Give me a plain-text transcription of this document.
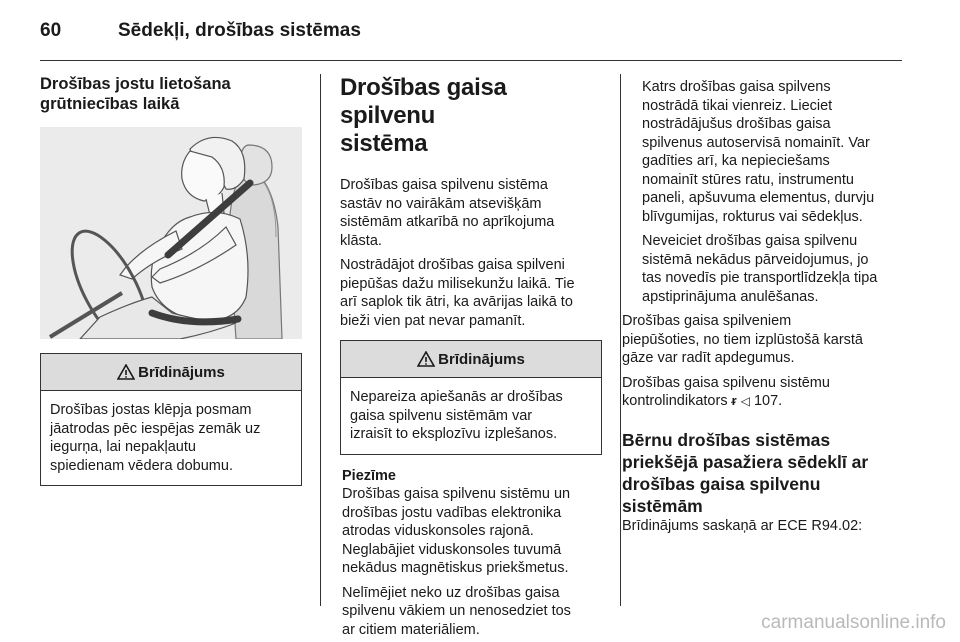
60	Sēdekļi, drošības sistēmas
Drošības jostu lietošana
grūtniecības laikā
Brīdinājums

Drošības jostas klēpja posmam

jāatrodas pēc iespējas zemāk uz

iegurņa, lai nepakļautu

spiedienam vēdera dobumu.

Drošības gaisa spilvenu
sistēma

Drošības gaisa spilvenu sistēma

sastāv no vairākām atsevišķām

sistēmām atkarībā no aprīkojuma

klāsta.

Nostrādājot drošības gaisa spilveni

piepūšas dažu milisekunžu laikā. Tie

arī saplok tik ātri, ka avārijas laikā to

bieži vien pat nevar pamanīt.

Brīdinājums

Nepareiza apiešanās ar drošības

gaisa spilvenu sistēmām var

izraisīt to eksplozīvu izplešanos.

Piezīme

Drošības gaisa spilvenu sistēmu un

drošības jostu vadības elektronika

atrodas viduskonsoles rajonā.

Neglabājiet viduskonsoles tuvumā

nekādus magnētiskus priekšmetus.

Nelīmējiet neko uz drošības gaisa

spilvenu vākiem un nenosedziet tos

ar citiem materiāliem.

Katrs drošības gaisa spilvens

nostrādā tikai vienreiz. Lieciet

nostrādājušus drošības gaisa

spilvenus autoservisā nomainīt. Var

gadīties arī, ka nepieciešams

nomainīt stūres ratu, instrumentu

paneli, apšuvuma elementus, durvju

blīvgumijas, rokturus vai sēdekļus.

Neveiciet drošības gaisa spilvenu

sistēmā nekādus pārveidojumus, jo

tas novedīs pie transportlīdzekļa tipa

apstiprinājuma anulēšanas.

Drošības gaisa spilveniem

piepūšoties, no tiem izplūstošā karstā

gāze var radīt apdegumus.

Drošības gaisa spilvenu sistēmu

kontrolindikators ᵲ ◁ 107.

Bērnu drošības sistēmas
priekšējā pasažiera sēdeklī ar
drošības gaisa spilvenu
sistēmām

Brīdinājums saskaņā ar ECE R94.02:

carmanualsonline.info
